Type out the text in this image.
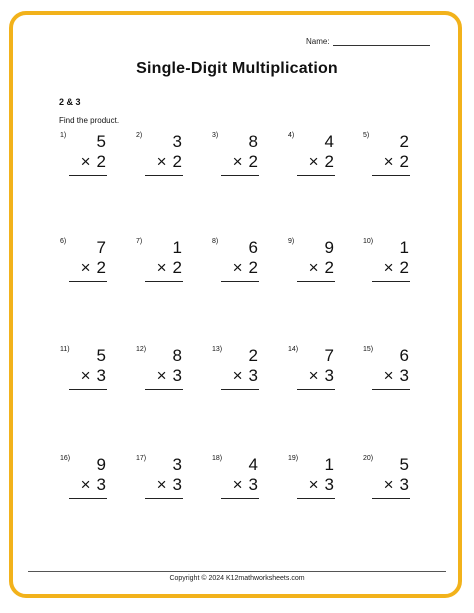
Name:
Single-Digit Multiplication
2 & 3
Find the product.
1) 5
× 2
2) 3
× 2
3) 8
× 2
4) 4
× 2
5) 2
× 2
6) 7
× 2
7) 1
× 2
8) 6
× 2
9) 9
× 2
10) 1
× 2
11) 5
× 3
12) 8
× 3
13) 2
× 3
14) 7
× 3
15) 6
× 3
16) 9
× 3
17) 3
× 3
18) 4
× 3
19) 1
× 3
20) 5
× 3
Copyright © 2024 K12mathworksheets.com
